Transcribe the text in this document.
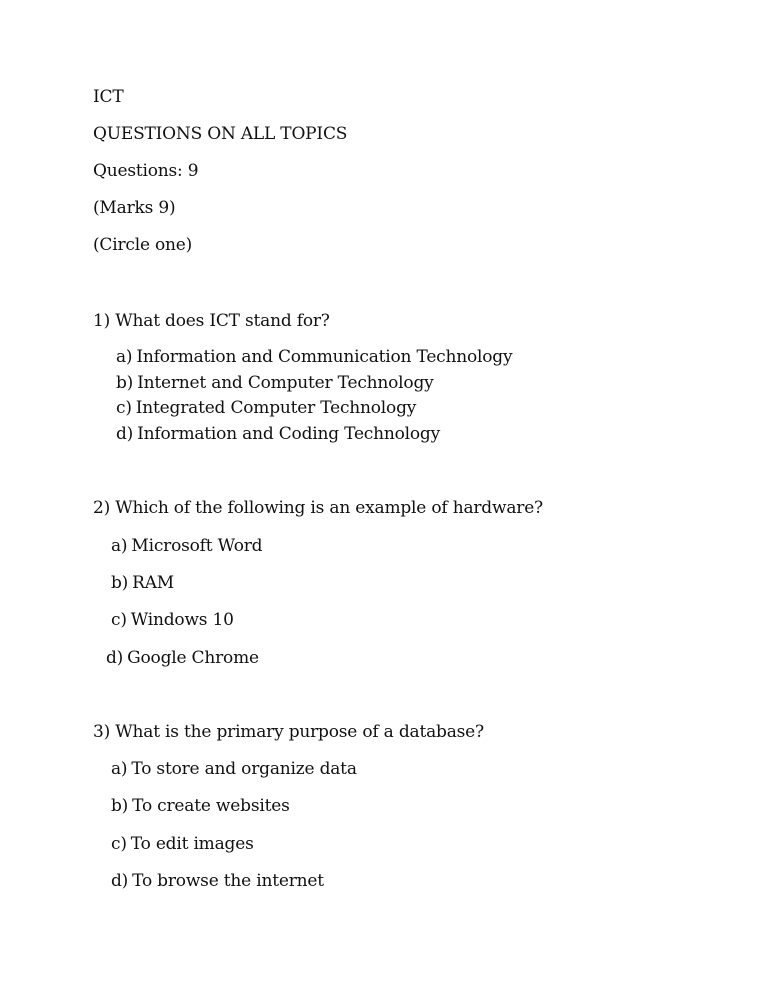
ICT
QUESTIONS ON ALL TOPICS
Questions: 9
(Marks 9)
(Circle one)
1) What does ICT stand for?
a) Information and Communication Technology
b) Internet and Computer Technology
c) Integrated Computer Technology
d) Information and Coding Technology
2) Which of the following is an example of hardware?
a) Microsoft Word
b) RAM
c) Windows 10
d) Google Chrome
3) What is the primary purpose of a database?
a) To store and organize data
b) To create websites
c) To edit images
d) To browse the internet
